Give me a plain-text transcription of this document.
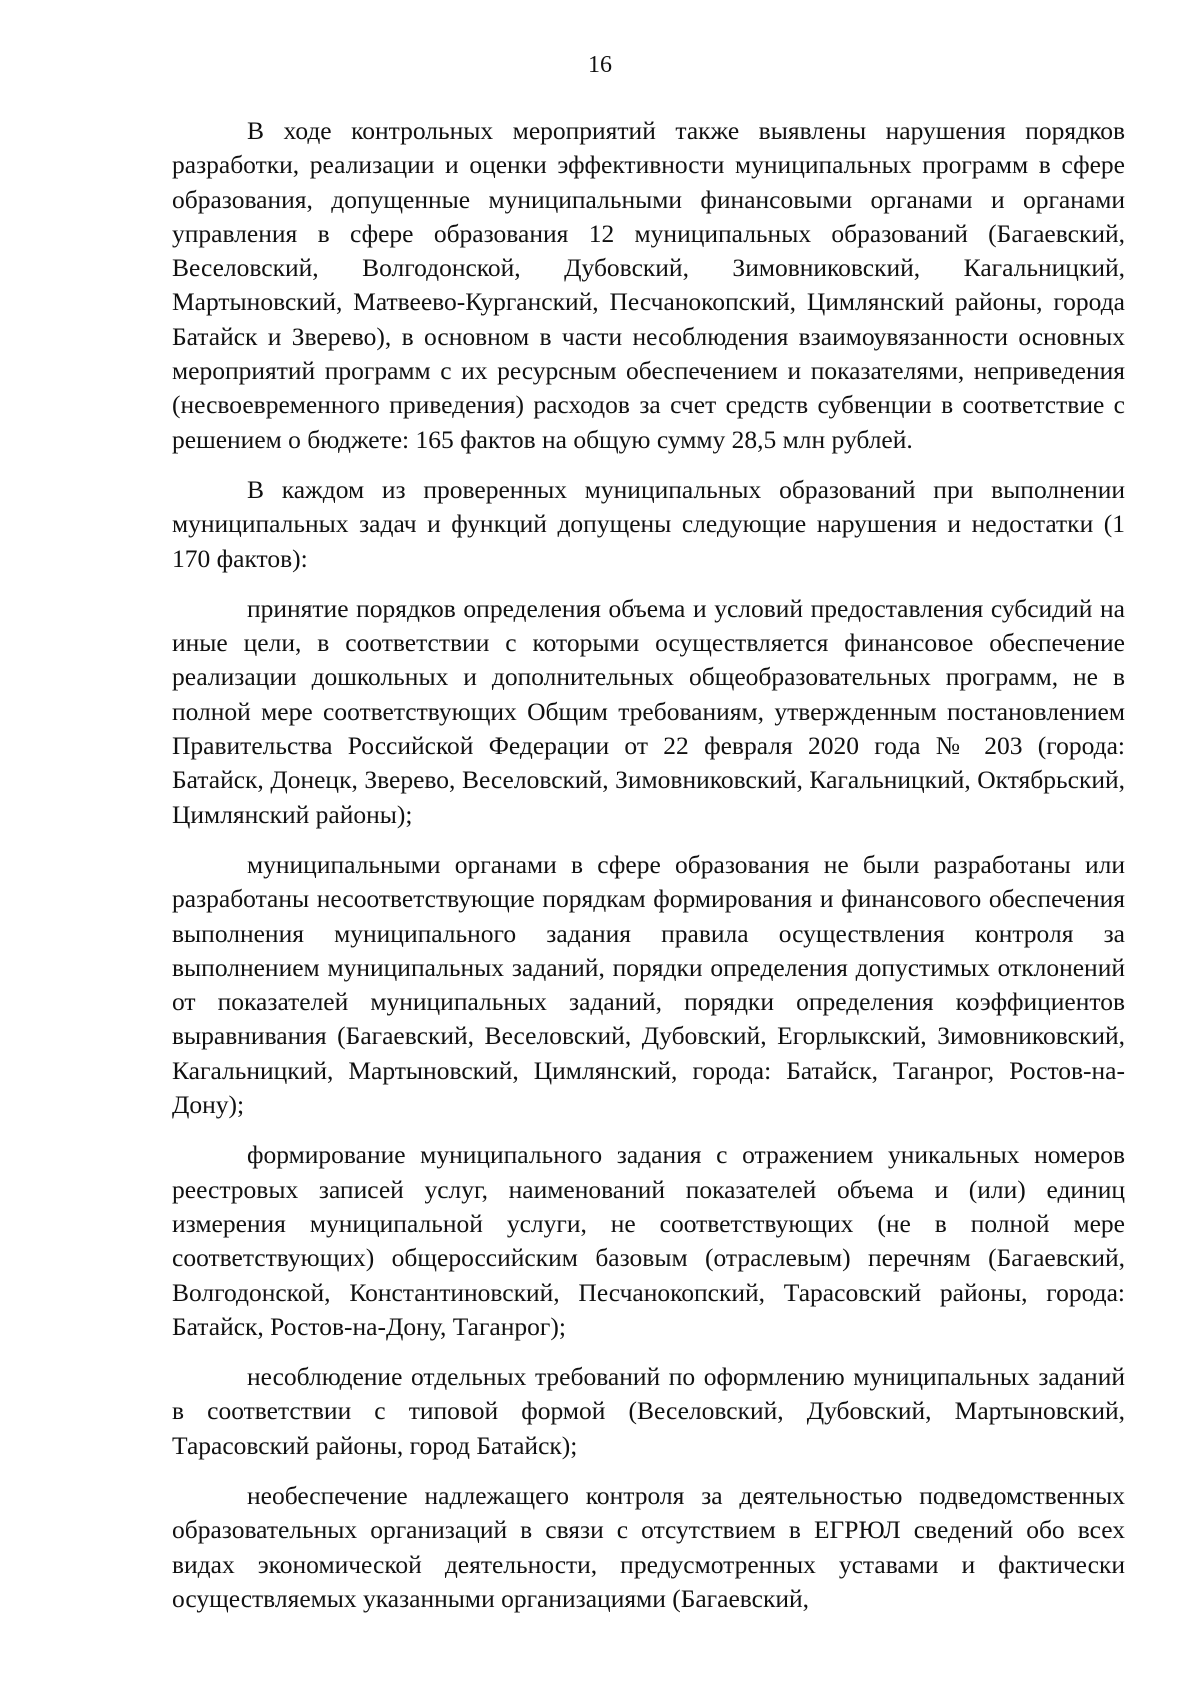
16

В ходе контрольных мероприятий также выявлены нарушения порядков разработки, реализации и оценки эффективности муниципальных программ в сфере образования, допущенные муниципальными финансовыми органами и органами управления в сфере образования 12 муниципальных образований (Багаевский, Веселовский, Волгодонской, Дубовский, Зимовниковский, Кагальницкий, Мартыновский, Матвеево-Курганский, Песчанокопский, Цимлянский районы, города Батайск и Зверево), в основном в части несоблюдения взаимоувязанности основных мероприятий программ с их ресурсным обеспечением и показателями, неприведения (несвоевременного приведения) расходов за счет средств субвенции в соответствие с решением о бюджете: 165 фактов на общую сумму 28,5 млн рублей.

В каждом из проверенных муниципальных образований при выполнении муниципальных задач и функций допущены следующие нарушения и недостатки (1 170 фактов):

принятие порядков определения объема и условий предоставления субсидий на иные цели, в соответствии с которыми осуществляется финансовое обеспечение реализации дошкольных и дополнительных общеобразовательных программ, не в полной мере соответствующих Общим требованиям, утвержденным постановлением Правительства Российской Федерации от 22 февраля 2020 года № 203 (города: Батайск, Донецк, Зверево, Веселовский, Зимовниковский, Кагальницкий, Октябрьский, Цимлянский районы);

муниципальными органами в сфере образования не были разработаны или разработаны несоответствующие порядкам формирования и финансового обеспечения выполнения муниципального задания правила осуществления контроля за выполнением муниципальных заданий, порядки определения допустимых отклонений от показателей муниципальных заданий, порядки определения коэффициентов выравнивания (Багаевский, Веселовский, Дубовский, Егорлыкский, Зимовниковский, Кагальницкий, Мартыновский, Цимлянский, города: Батайск, Таганрог, Ростов-на-Дону);

формирование муниципального задания с отражением уникальных номеров реестровых записей услуг, наименований показателей объема и (или) единиц измерения муниципальной услуги, не соответствующих (не в полной мере соответствующих) общероссийским базовым (отраслевым) перечням (Багаевский, Волгодонской, Константиновский, Песчанокопский, Тарасовский районы, города: Батайск, Ростов-на-Дону, Таганрог);

несоблюдение отдельных требований по оформлению муниципальных заданий в соответствии с типовой формой (Веселовский, Дубовский, Мартыновский, Тарасовский районы, город Батайск);

необеспечение надлежащего контроля за деятельностью подведомственных образовательных организаций в связи с отсутствием в ЕГРЮЛ сведений обо всех видах экономической деятельности, предусмотренных уставами и фактически осуществляемых указанными организациями (Багаевский,
